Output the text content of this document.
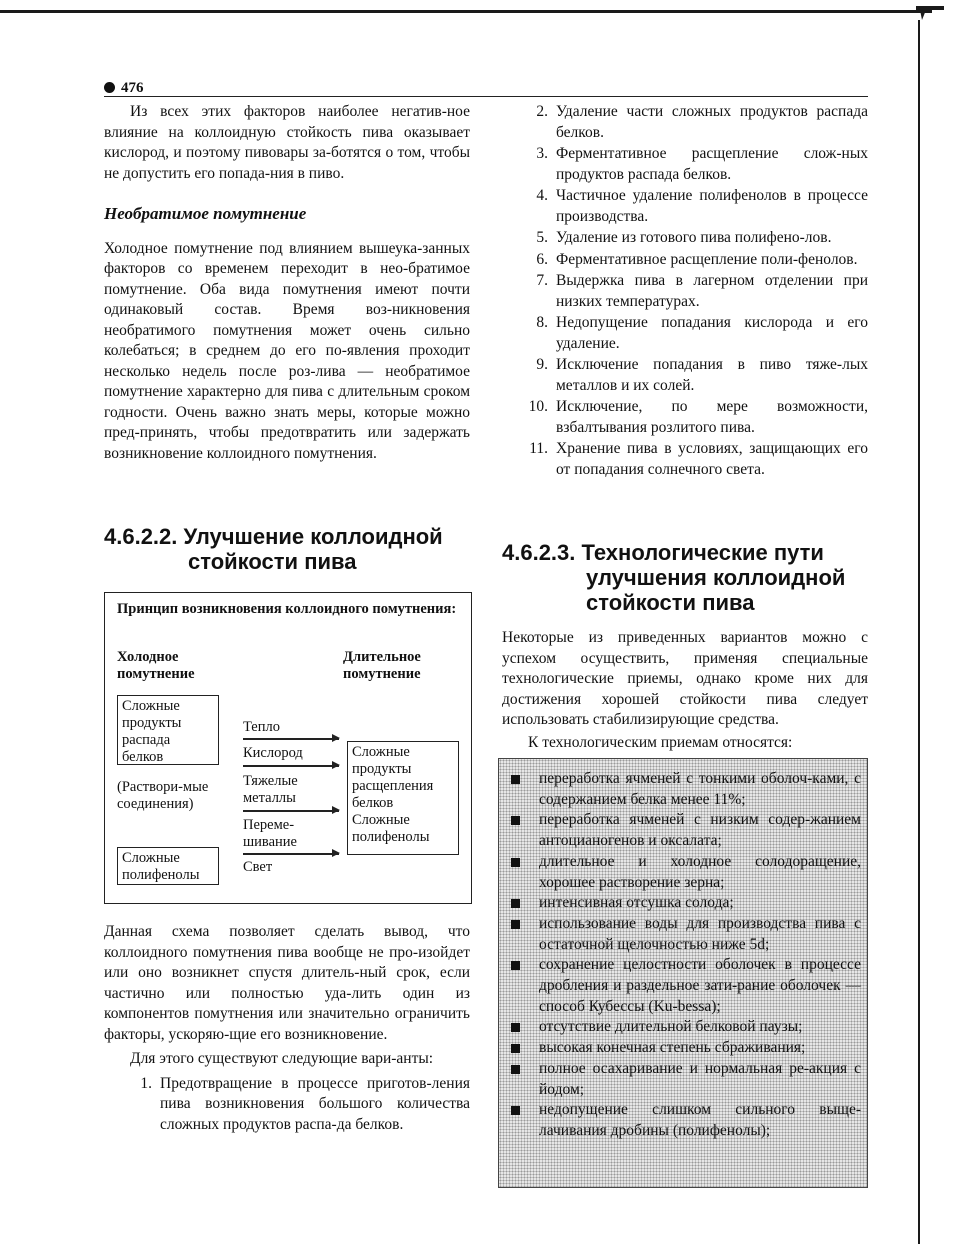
476

Из всех этих факторов наиболее негатив-ное влияние на коллоидную стойкость пива оказывает кислород, и поэтому пивовары за-ботятся о том, чтобы не допустить его попада-ния в пиво.

Необратимое помутнение

Холодное помутнение под влиянием вышеука-занных факторов со временем переходит в нео-братимое помутнение. Оба вида помутнения имеют почти одинаковый состав. Время воз-никновения необратимого помутнения может очень сильно колебаться; в среднем до его по-явления проходит несколько недель после роз-лива — необратимое помутнение характерно для пива с длительным сроком годности. Очень важно знать меры, которые можно пред-принять, чтобы предотвратить или задержать возникновение коллоидного помутнения.

4.6.2.2. Улучшение коллоидной
стойкости пива
Принцип возникновения коллоидного помутнения:
Холодное помутнение
Длительное помутнение
Сложные продукты распада белков
(Раствори-мые соединения)
Сложные полифенолы
Тепло
Кислород
Тяжелые металлы
Переме-шивание
Свет
Сложные продукты расщепления белков Сложные полифенолы

Данная схема позволяет сделать вывод, что коллоидного помутнения пива вообще не про-изойдет или оно возникнет спустя длитель-ный срок, если частично или полностью уда-лить один из компонентов помутнения или значительно ограничить факторы, ускоряю-щие его возникновение.

Для этого существуют следующие вари-анты:

1. Предотвращение в процессе приготов-ления пива возникновения большого количества сложных продуктов распа-да белков.
2. Удаление части сложных продуктов распада белков.
3. Ферментативное расщепление слож-ных продуктов распада белков.
4. Частичное удаление полифенолов в процессе производства.
5. Удаление из готового пива полифено-лов.
6. Ферментативное расщепление поли-фенолов.
7. Выдержка пива в лагерном отделении при низких температурах.
8. Недопущение попадания кислорода и его удаление.
9. Исключение попадания в пиво тяже-лых металлов и их солей.
10. Исключение, по мере возможности, взбалтывания розлитого пива.
11. Хранение пива в условиях, защищающих его от попадания солнечного света.
4.6.2.3. Технологические пути
улучшения коллоидной
стойкости пива

Некоторые из приведенных вариантов можно с успехом осуществить, применяя специальные технологические приемы, однако кроме них для достижения хорошей стойкости пива следует использовать стабилизирующие средства.

К технологическим приемам относятся:

переработка ячменей с тонкими оболоч-ками, с содержанием белка менее 11%;
переработка ячменей с низким содер-жанием антоцианогенов и оксалата;
длительное и холодное солодоращение, хорошее растворение зерна;
интенсивная отсушка солода;
использование воды для производства пива с остаточной щелочностью ниже 5d;
сохранение целостности оболочек в процессе дробления и раздельное зати-рание оболочек — способ Кубессы (Ku-bessa);
отсутствие длительной белковой паузы;
высокая конечная степень сбраживания;
полное осахаривание и нормальная ре-акция с йодом;
недопущение слишком сильного выще-лачивания дробины (полифенолы);
